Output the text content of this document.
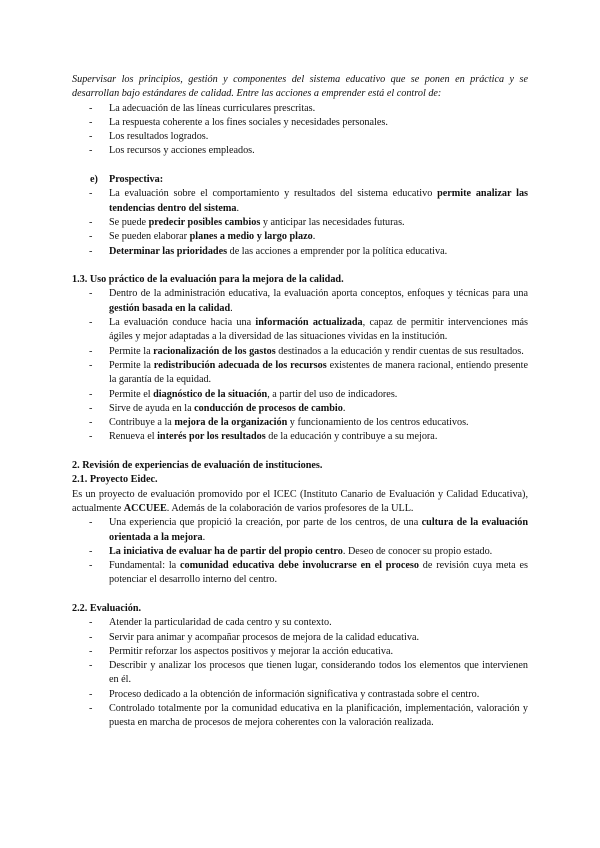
Supervisar los principios, gestión y componentes del sistema educativo que se ponen en práctica y se desarrollan bajo estándares de calidad. Entre las acciones a emprender está el control de:

- La adecuación de las líneas curriculares prescritas.
- La respuesta coherente a los fines sociales y necesidades personales.
- Los resultados logrados.
- Los recursos y acciones empleados.
e) Prospectiva:
- La evaluación sobre el comportamiento y resultados del sistema educativo permite analizar las tendencias dentro del sistema.
- Se puede predecir posibles cambios y anticipar las necesidades futuras.
- Se pueden elaborar planes a medio y largo plazo.
- Determinar las prioridades de las acciones a emprender por la política educativa.

1.3. Uso práctico de la evaluación para la mejora de la calidad.

- Dentro de la administración educativa, la evaluación aporta conceptos, enfoques y técnicas para una gestión basada en la calidad.
- La evaluación conduce hacia una información actualizada, capaz de permitir intervenciones más ágiles y mejor adaptadas a la diversidad de las situaciones vividas en la institución.
- Permite la racionalización de los gastos destinados a la educación y rendir cuentas de sus resultados.
- Permite la redistribución adecuada de los recursos existentes de manera racional, entiendo presente la garantía de la equidad.
- Permite el diagnóstico de la situación, a partir del uso de indicadores.
- Sirve de ayuda en la conducción de procesos de cambio.
- Contribuye a la mejora de la organización y funcionamiento de los centros educativos.
- Renueva el interés por los resultados de la educación y contribuye a su mejora.

2. Revisión de experiencias de evaluación de instituciones.

2.1. Proyecto Eidec.

Es un proyecto de evaluación promovido por el ICEC (Instituto Canario de Evaluación y Calidad Educativa), actualmente ACCUEE. Además de la colaboración de varios profesores de la ULL.

- Una experiencia que propició la creación, por parte de los centros, de una cultura de la evaluación orientada a la mejora.
- La iniciativa de evaluar ha de partir del propio centro. Deseo de conocer su propio estado.
- Fundamental: la comunidad educativa debe involucrarse en el proceso de revisión cuya meta es potenciar el desarrollo interno del centro.

2.2. Evaluación.

- Atender la particularidad de cada centro y su contexto.
- Servir para animar y acompañar procesos de mejora de la calidad educativa.
- Permitir reforzar los aspectos positivos y mejorar la acción educativa.
- Describir y analizar los procesos que tienen lugar, considerando todos los elementos que intervienen en él.
- Proceso dedicado a la obtención de información significativa y contrastada sobre el centro.
- Controlado totalmente por la comunidad educativa en la planificación, implementación, valoración y puesta en marcha de procesos de mejora coherentes con la valoración realizada.
